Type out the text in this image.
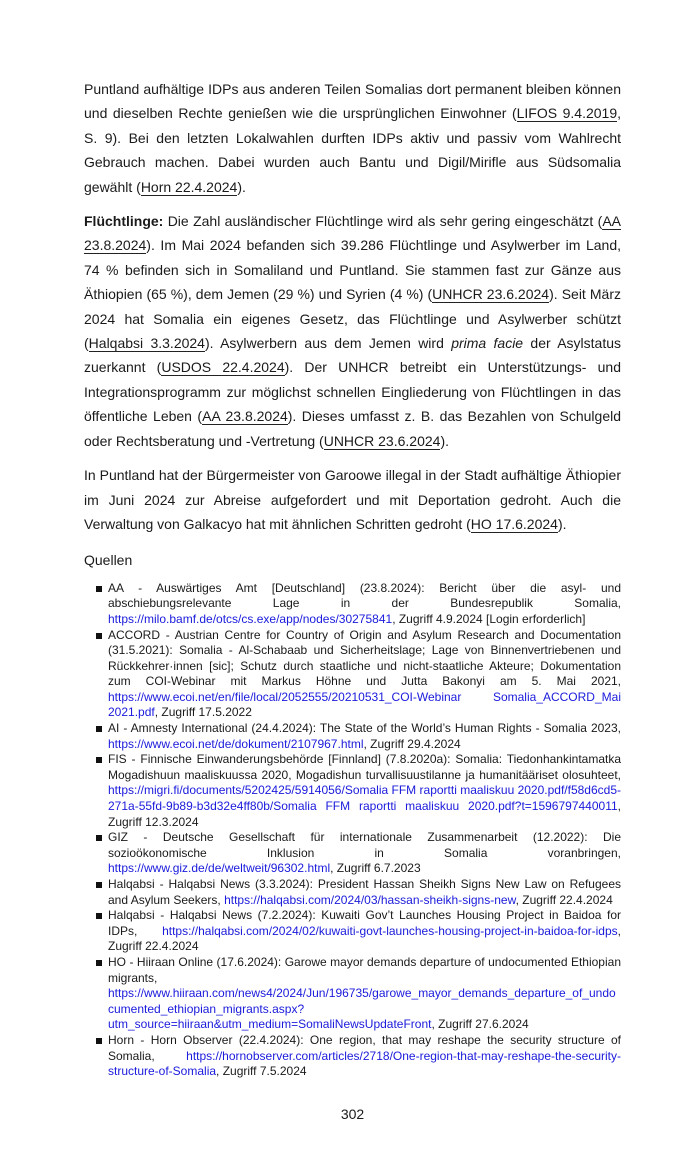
Puntland aufhältige IDPs aus anderen Teilen Somalias dort permanent bleiben können und dieselben Rechte genießen wie die ursprünglichen Einwohner (LIFOS 9.4.2019, S. 9). Bei den letzten Lokalwahlen durften IDPs aktiv und passiv vom Wahlrecht Gebrauch machen. Dabei wurden auch Bantu und Digil/Mirifle aus Südsomalia gewählt (Horn 22.4.2024).

Flüchtlinge: Die Zahl ausländischer Flüchtlinge wird als sehr gering eingeschätzt (AA 23.8.2024). Im Mai 2024 befanden sich 39.286 Flüchtlinge und Asylwerber im Land, 74 % befinden sich in Somaliland und Puntland. Sie stammen fast zur Gänze aus Äthiopien (65 %), dem Jemen (29 %) und Syrien (4 %) (UNHCR 23.6.2024). Seit März 2024 hat Somalia ein eigenes Gesetz, das Flüchtlinge und Asylwerber schützt (Halqabsi 3.3.2024). Asylwerbern aus dem Jemen wird prima facie der Asylstatus zuerkannt (USDOS 22.4.2024). Der UNHCR betreibt ein Unterstützungs- und Integrationsprogramm zur möglichst schnellen Eingliederung von Flüchtlingen in das öffentliche Leben (AA 23.8.2024). Dieses umfasst z. B. das Bezahlen von Schulgeld oder Rechtsberatung und -Vertretung (UNHCR 23.6.2024).

In Puntland hat der Bürgermeister von Garoowe illegal in der Stadt aufhältige Äthiopier im Juni 2024 zur Abreise aufgefordert und mit Deportation gedroht. Auch die Verwaltung von Galkacyo hat mit ähnlichen Schritten gedroht (HO 17.6.2024).

Quellen

AA - Auswärtiges Amt [Deutschland] (23.8.2024): Bericht über die asyl- und abschiebungsrelevante Lage in der Bundesrepublik Somalia, https://milo.bamf.de/otcs/cs.exe/app/nodes/30275841, Zugriff 4.9.2024 [Login erforderlich]
ACCORD - Austrian Centre for Country of Origin and Asylum Research and Documentation (31.5.2021): Somalia - Al-Schabaab und Sicherheitslage; Lage von Binnenvertriebenen und Rückkehrer·innen [sic]; Schutz durch staatliche und nicht-staatliche Akteure; Dokumentation zum COI-Webinar mit Markus Höhne und Jutta Bakonyi am 5. Mai 2021, https://www.ecoi.net/en/file/local/2052555/20210531_COI-Webinar Somalia_ACCORD_Mai 2021.pdf, Zugriff 17.5.2022
AI - Amnesty International (24.4.2024): The State of the World’s Human Rights - Somalia 2023, https://www.ecoi.net/de/dokument/2107967.html, Zugriff 29.4.2024
FIS - Finnische Einwanderungsbehörde [Finnland] (7.8.2020a): Somalia: Tiedonhankintamatka Mogadishuun maaliskuussa 2020, Mogadishun turvallisuustilanne ja humanitääriset olosuhteet, https://migri.fi/documents/5202425/5914056/Somalia FFM raportti maaliskuu 2020.pdf/f58d6cd5-271a-55fd-9b89-b3d32e4ff80b/Somalia FFM raportti maaliskuu 2020.pdf?t=1596797440011, Zugriff 12.3.2024
GIZ - Deutsche Gesellschaft für internationale Zusammenarbeit (12.2022): Die sozioökonomische Inklusion in Somalia voranbringen, https://www.giz.de/de/weltweit/96302.html, Zugriff 6.7.2023
Halqabsi - Halqabsi News (3.3.2024): President Hassan Sheikh Signs New Law on Refugees and Asylum Seekers, https://halqabsi.com/2024/03/hassan-sheikh-signs-new, Zugriff 22.4.2024
Halqabsi - Halqabsi News (7.2.2024): Kuwaiti Gov’t Launches Housing Project in Baidoa for IDPs, https://halqabsi.com/2024/02/kuwaiti-govt-launches-housing-project-in-baidoa-for-idps, Zugriff 22.4.2024
HO - Hiiraan Online (17.6.2024): Garowe mayor demands departure of undocumented Ethiopian migrants, https://www.hiiraan.com/news4/2024/Jun/196735/garowe_mayor_demands_departure_of_undocumented_ethiopian_migrants.aspx?utm_source=hiiraan&utm_medium=SomaliNewsUpdateFront, Zugriff 27.6.2024
Horn - Horn Observer (22.4.2024): One region, that may reshape the security structure of Somalia, https://hornobserver.com/articles/2718/One-region-that-may-reshape-the-security-structure-of-Somalia, Zugriff 7.5.2024
302
